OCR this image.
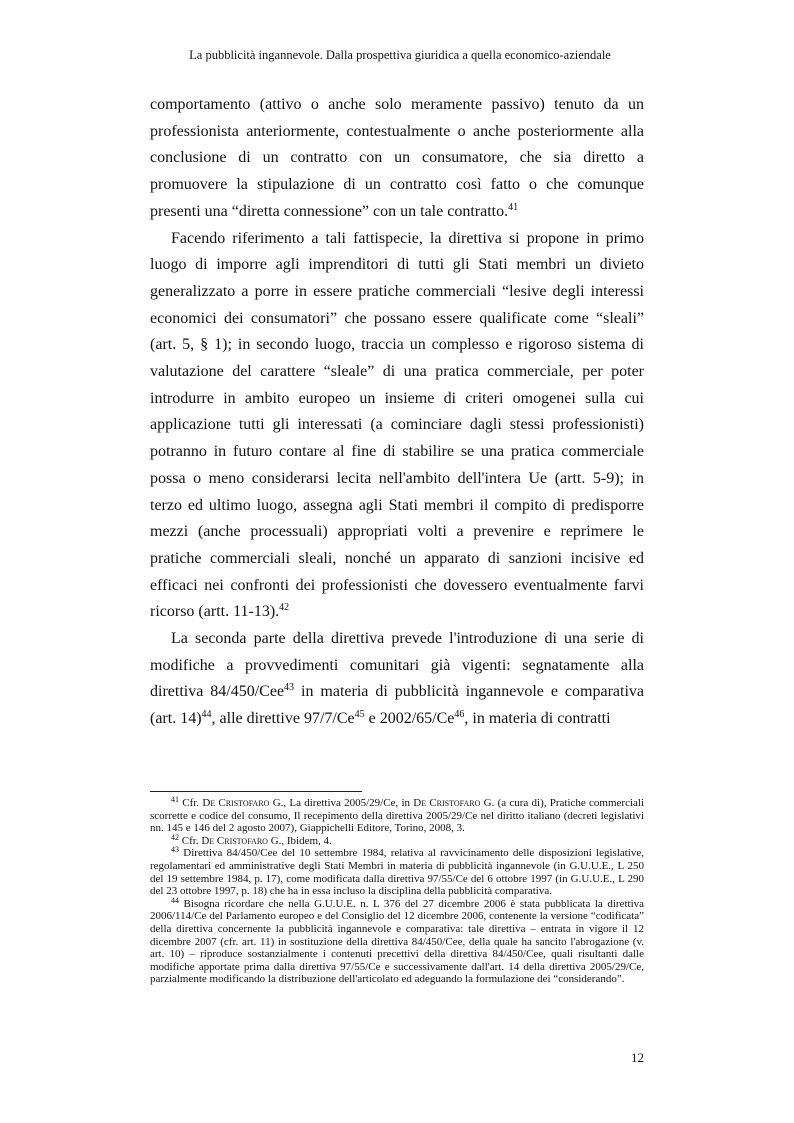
La pubblicità ingannevole. Dalla prospettiva giuridica a quella economico-aziendale

comportamento (attivo o anche solo meramente passivo) tenuto da un professionista anteriormente, contestualmente o anche posteriormente alla conclusione di un contratto con un consumatore, che sia diretto a promuovere la stipulazione di un contratto così fatto o che comunque presenti una “diretta connessione” con un tale contratto.$^{41}$

Facendo riferimento a tali fattispecie, la direttiva si propone in primo luogo di imporre agli imprenditori di tutti gli Stati membri un divieto generalizzato a porre in essere pratiche commerciali “lesive degli interessi economici dei consumatori” che possano essere qualificate come “sleali” (art. 5, § 1); in secondo luogo, traccia un complesso e rigoroso sistema di valutazione del carattere “sleale” di una pratica commerciale, per poter introdurre in ambito europeo un insieme di criteri omogenei sulla cui applicazione tutti gli interessati (a cominciare dagli stessi professionisti) potranno in futuro contare al fine di stabilire se una pratica commerciale possa o meno considerarsi lecita nell'ambito dell'intera Ue (artt. 5-9); in terzo ed ultimo luogo, assegna agli Stati membri il compito di predisporre mezzi (anche processuali) appropriati volti a prevenire e reprimere le pratiche commerciali sleali, nonché un apparato di sanzioni incisive ed efficaci nei confronti dei professionisti che dovessero eventualmente farvi ricorso (artt. 11-13).$^{42}$

La seconda parte della direttiva prevede l'introduzione di una serie di modifiche a provvedimenti comunitari già vigenti: segnatamente alla direttiva 84/450/Cee$^{43}$ in materia di pubblicità ingannevole e comparativa (art. 14)$^{44}$, alle direttive 97/7/Ce$^{45}$ e 2002/65/Ce$^{46}$, in materia di contratti

$^{41}$ Cfr. De Cristofaro G., La direttiva 2005/29/Ce, in De Cristofaro G. (a cura di), Pratiche commerciali scorrette e codice del consumo, Il recepimento della direttiva 2005/29/Ce nel diritto italiano (decreti legislativi nn. 145 e 146 del 2 agosto 2007), Giappichelli Editore, Torino, 2008, 3.

$^{42}$ Cfr. De Cristofaro G., Ibidem, 4.

$^{43}$ Direttiva 84/450/Cee del 10 settembre 1984, relativa al ravvicinamento delle disposizioni legislative, regolamentari ed amministrative degli Stati Membri in materia di pubblicità ingannevole (in G.U.U.E., L 250 del 19 settembre 1984, p. 17), come modificata dalla direttiva 97/55/Ce del 6 ottobre 1997 (in G.U.U.E., L 290 del 23 ottobre 1997, p. 18) che ha in essa incluso la disciplina della pubblicità comparativa.

$^{44}$ Bisogna ricordare che nella G.U.U.E. n. L 376 del 27 dicembre 2006 è stata pubblicata la direttiva 2006/114/Ce del Parlamento europeo e del Consiglio del 12 dicembre 2006, contenente la versione “codificata” della direttiva concernente la pubblicità ingannevole e comparativa: tale direttiva – entrata in vigore il 12 dicembre 2007 (cfr. art. 11) in sostituzione della direttiva 84/450/Cee, della quale ha sancito l'abrogazione (v. art. 10) – riproduce sostanzialmente i contenuti precettivi della direttiva 84/450/Cee, quali risultanti dalle modifiche apportate prima dalla direttiva 97/55/Ce e successivamente dall'art. 14 della direttiva 2005/29/Ce, parzialmente modificando la distribuzione dell'articolato ed adeguando la formulazione dei “considerando”.

12
